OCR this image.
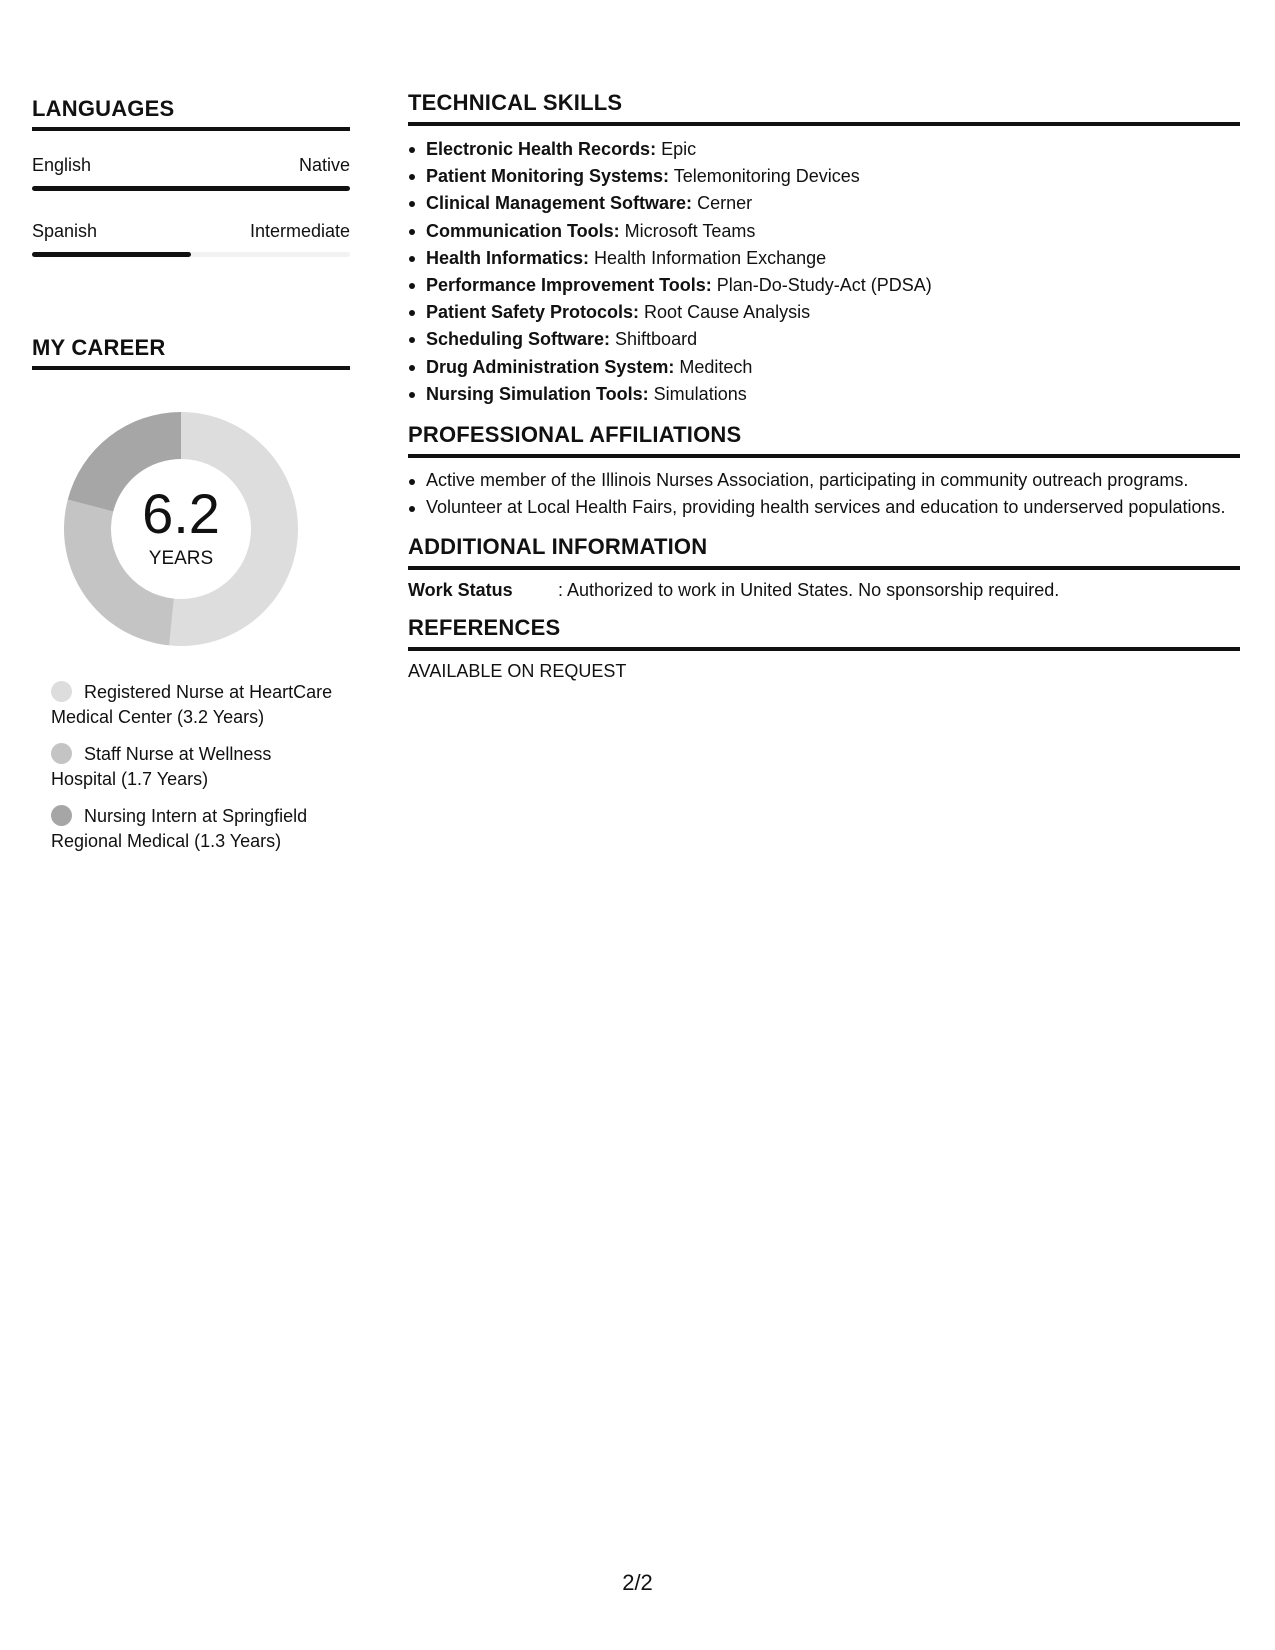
LANGUAGES
English	Native
Spanish	Intermediate
MY CAREER
6.2
YEARS
Registered Nurse at HeartCare Medical Center (3.2 Years)
Staff Nurse at Wellness Hospital (1.7 Years)
Nursing Intern at Springfield Regional Medical (1.3 Years)
TECHNICAL SKILLS
Electronic Health Records: Epic
Patient Monitoring Systems: Telemonitoring Devices
Clinical Management Software: Cerner
Communication Tools: Microsoft Teams
Health Informatics: Health Information Exchange
Performance Improvement Tools: Plan-Do-Study-Act (PDSA)
Patient Safety Protocols: Root Cause Analysis
Scheduling Software: Shiftboard
Drug Administration System: Meditech
Nursing Simulation Tools: Simulations
PROFESSIONAL AFFILIATIONS
Active member of the Illinois Nurses Association, participating in community outreach programs.
Volunteer at Local Health Fairs, providing health services and education to underserved populations.
ADDITIONAL INFORMATION
Work Status	: Authorized to work in United States. No sponsorship required.
REFERENCES
AVAILABLE ON REQUEST
2/2
